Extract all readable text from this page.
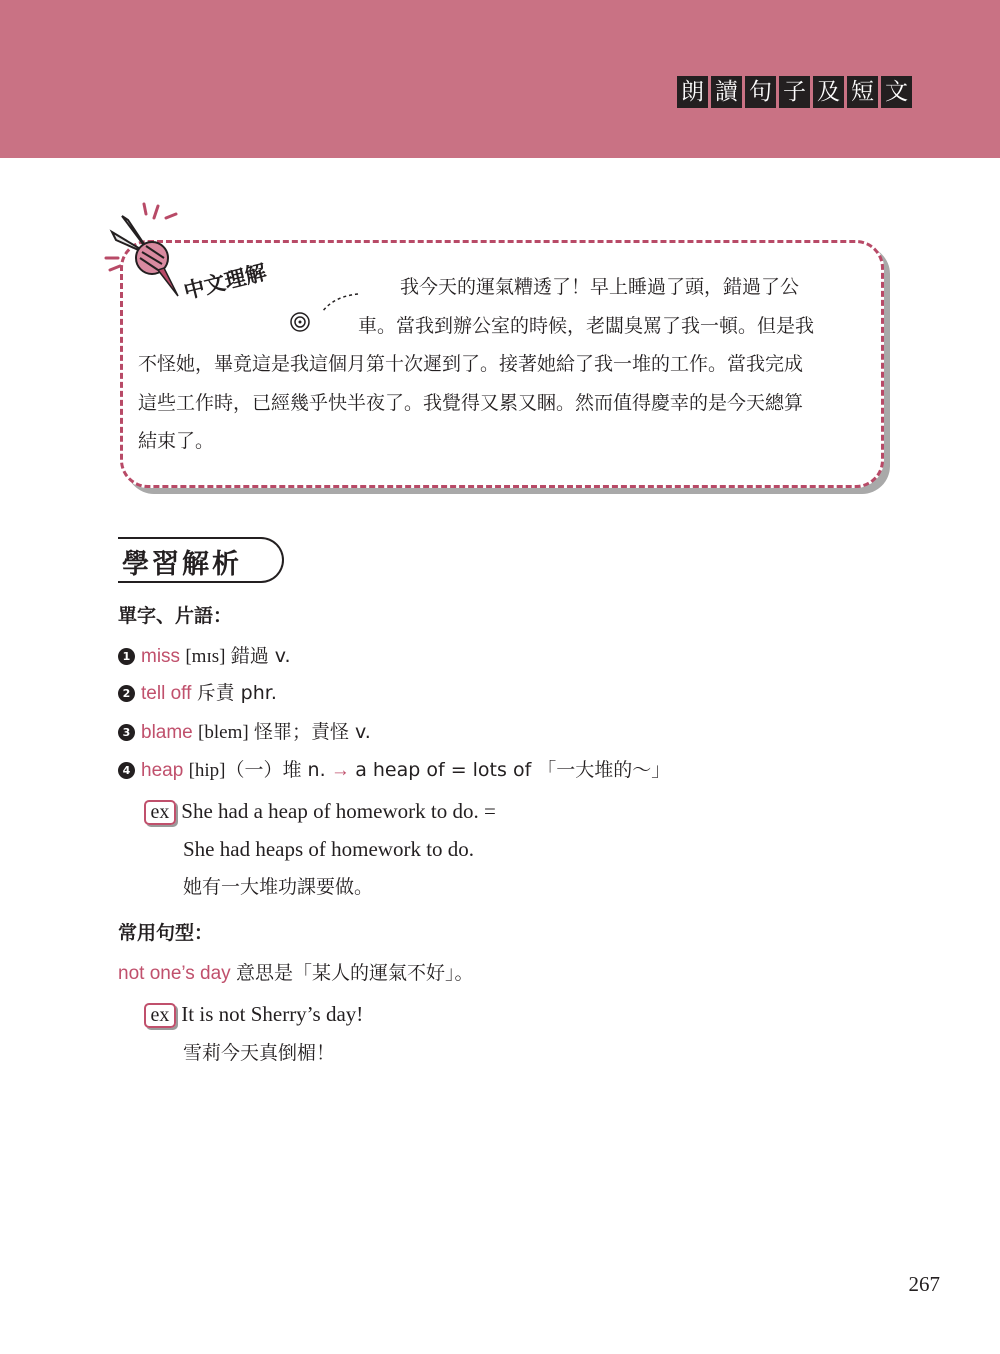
朗 讀 句 子 及 短 文
中文理解	我今天的運氣糟透了！早上睡過了頭，錯過了公
車。當我到辦公室的時候，老闆臭罵了我一頓。但是我
不怪她，畢竟這是我這個月第十次遲到了。接著她給了我一堆的工作。當我完成
這些工作時，已經幾乎快半夜了。我覺得又累又睏。然而值得慶幸的是今天總算
結束了。
學習解析
單字、片語：
1 miss [mɪs] 錯過 v.
2 tell off 斥責 phr.
3 blame [blem] 怪罪；責怪 v.
4 heap [hip]（一）堆 n. → a heap of = lots of 「一大堆的～」
ex She had a heap of homework to do. =
She had heaps of homework to do.
她有一大堆功課要做。
常用句型：
not one’s day 意思是「某人的運氣不好」。
ex It is not Sherry’s day!
雪莉今天真倒楣！
267
